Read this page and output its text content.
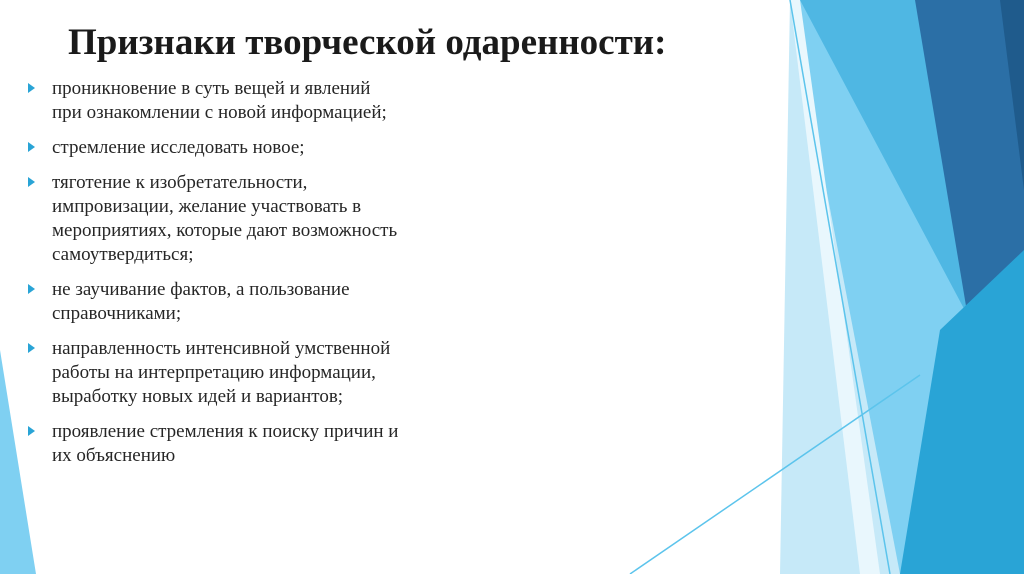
Признаки творческой одаренности:
проникновение в суть вещей и явлений
при ознакомлении с новой информацией;
стремление исследовать новое;
тяготение к изобретательности,
импровизации, желание участвовать в
мероприятиях, которые дают возможность
самоутвердиться;
не заучивание фактов, а пользование
справочниками;
направленность интенсивной умственной
работы на интерпретацию информации,
выработку новых идей и вариантов;
проявление стремления к поиску причин и
их объяснению
